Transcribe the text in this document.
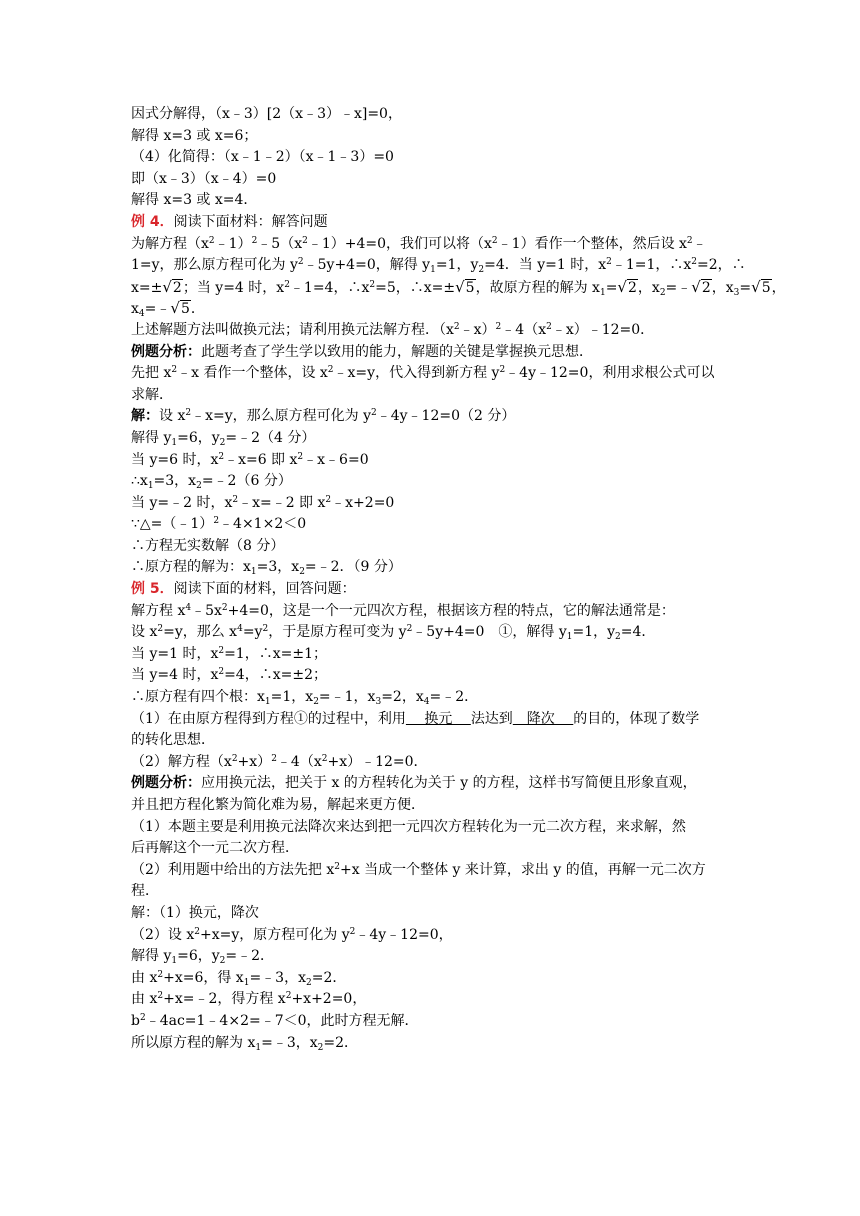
因式分解得，（x﹣3）[2（x﹣3）﹣x]=0，
解得 x=3 或 x=6；
（4）化简得：（x﹣1﹣2）（x﹣1﹣3）=0
即（x﹣3）（x﹣4）=0
解得 x=3 或 x=4．
例 4．阅读下面材料：解答问题
为解方程$(x^2﹣1)^2﹣5(x^2﹣1)+4=0$，我们可以将$(x^2﹣1)$看作一个整体，然后设 $x^2﹣$
1=y，那么原方程可化为 $y^2﹣5y+4=0$，解得 $y_1=1$，$y_2=4$．当 y=1 时，$x^2﹣1=1$，$\therefore x^2=2$，∴
x=±√2；当 y=4 时，$x^2﹣1=4$，$\therefore x^2=5$，∴x=±√5，故原方程的解为 $x_1=√2$，$x_2=﹣√2$，$x_3=√5$，
$x_4=﹣√5$．
上述解题方法叫做换元法；请利用换元法解方程．$(x^2﹣x)^2﹣4(x^2﹣x)﹣12=0$．
例题分析：此题考查了学生学以致用的能力，解题的关键是掌握换元思想．
先把 $x^2﹣x$ 看作一个整体，设 $x^2﹣x=y$，代入得到新方程 $y^2﹣4y﹣12=0$，利用求根公式可以
求解．
解：设 $x^2﹣x=y$，那么原方程可化为 $y^2﹣4y﹣12=0(2$ 分）
解得 $y_1=6$，$y_2=﹣2(4$ 分）
当 y=6 时，$x^2﹣x=6$ 即 $x^2﹣x﹣6=0$
$\therefore x_1=3$，$x_2=﹣2(6$ 分）
当 y=﹣2 时，$x^2﹣x=﹣2$ 即 $x^2﹣x+2=0$
∵△=（﹣1）$^2$﹣4×1×2＜0
∴方程无实数解（8 分）
∴原方程的解为：$x_1=3$，$x_2=﹣2$．（9 分）
例 5．阅读下面的材料，回答问题：
解方程 $x^4﹣5x^2+4=0$，这是一个一元四次方程，根据该方程的特点，它的解法通常是：
设 $x^2=y$，那么 $x^4=y^2$，于是原方程可变为 $y^2﹣5y+4=0$　①，解得 $y_1=1$，$y_2=4$．
当 y=1 时，$x^2=1$，∴x=±1；
当 y=4 时，$x^2=4$，∴x=±2；
∴原方程有四个根：$x_1=1$，$x_2=﹣1$，$x_3=2$，$x_4=﹣2$．
（1）在由原方程得到方程①的过程中，利用　 换元 　法达到　降次 　的目的，体现了数学
的转化思想．
（2）解方程$(x^2+x)^2﹣4(x^2+x)﹣12=0$．
例题分析：应用换元法，把关于 x 的方程转化为关于 y 的方程，这样书写简便且形象直观，
并且把方程化繁为简化难为易，解起来更方便．
（1）本题主要是利用换元法降次来达到把一元四次方程转化为一元二次方程，来求解，然
后再解这个一元二次方程．
（2）利用题中给出的方法先把 $x^2+x$ 当成一个整体 y 来计算，求出 y 的值，再解一元二次方
程．
解：（1）换元，降次
（2）设 $x^2+x=y$，原方程可化为 $y^2﹣4y﹣12=0$，
解得 $y_1=6$，$y_2=﹣2$．
由 $x^2+x=6$，得 $x_1=﹣3$，$x_2=2$．
由 $x^2+x=﹣2$，得方程 $x^2+x+2=0$，
$b^2﹣4ac=1﹣4\times 2=﹣7<0$，此时方程无解．
所以原方程的解为 $x_1=﹣3$，$x_2=2$．
